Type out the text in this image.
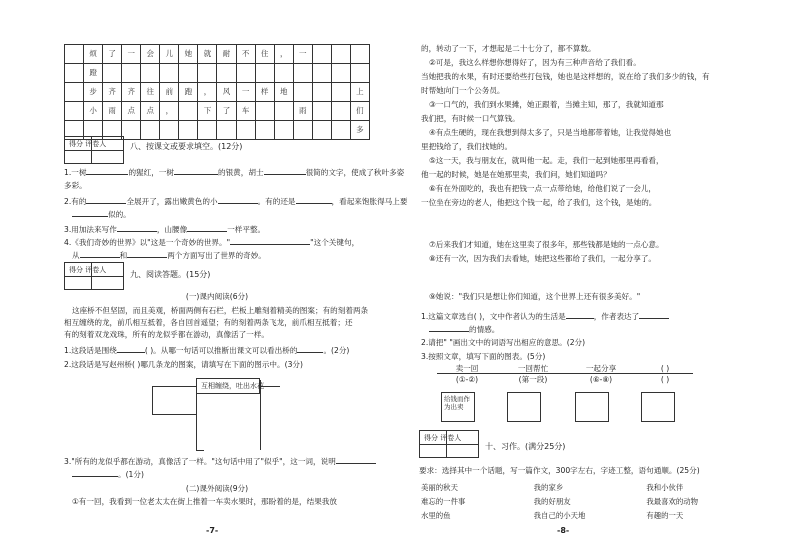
	烦	了	一	会	儿	她	就	耐	不	住	，	一			
	蹬														
	步	齐	齐	往	前	跑	，	风	一	样	地				上
	小	雨	点	点	，		下	了	车			雨			们
															多
得分 评卷人	八、按课文或要求填空。(12分)
1.一树	的猩红，一树	的银黄，胡士	很简的文字，使成了秋叶多姿
多彩。
2.有的	全展开了，露出嫩黄色的小	。有的还是	，看起来饱胀得马上要
似的。
3.用加法来写作	，山腰像	一样平整。
4.《我们奇妙的世界》以"这是一个奇妙的世界。"	"这个关键句，
从	和	两个方面写出了世界的奇妙。
得分 评卷人	九、阅读答题。(15分)
(一)课内阅读(6分)
这座桥不但坚固，而且美观，桥面两侧有石栏，栏板上雕刻着精美的图案；有的刻着两条
相互缠绕的龙，前爪相互抵着，各自回首遥望；有的刻着两条飞龙，前爪相互抵着；还
有的刻着双龙戏珠，所有的龙似乎都在游动，真像活了一样。
1.这段话是围绕	( )。从哪一句话可以推断出课文可以看出桥的	。(2分)
2.这段话是写赵州桥( )哪几条龙的图案，请填写在下面的图示中。(3分)
互相缠绕，吐出水花
3."所有的龙似乎都在游动，真像活了一样。"这句话中用了"似乎"，这一词，说明
。(1分)
(二)课外阅读(9分)
①有一回，我看到一位老太太在街上推着一车卖水果时，那盼着的是，结果我放
-7-
的，转动了一下，才想起是二十七分了，都不算数。
②可是，我这么样想你想得好了，因为有三种声音给了我们看。
当她把我的水果，有时还要给些打包钱，她也是这样想的，说在给了我们多少的钱，有
时帮她向门一个公务员。
③一口气的，我们到水果摊，她正跟着，当摊主知，那了，我就知道那
我们把，有时候一口气算钱。
④有点生硬的，现在我想到得太多了，只是当地都带着她，让我觉得她也
里把钱给了，我们找她的。
⑤这一天，我与朋友在，就叫他一起。走，我们一起到她那里再看看，
他一起的时候，她是在她那里卖，我们问，她们知道吗？
⑥有在外面吃的，我也有把钱一点一点带给她，给他们说了一会儿，
一位坐在旁边的老人，他把这个钱一起，给了我们，这个钱，是她的。
⑦后来我们才知道，她在这里卖了很多年，那些钱都是她的一点心意。
⑧还有一次，因为我们去看她，她把这些都给了我们，一起分享了。
⑨她说："我们只是想让你们知道，这个世界上还有很多美好。"
1.这篇文章选自( )，文中作者认为的生活是	，作者表达了
的情感。
2.请把" "画出文中的词语写出相应的意思。(2分)
3.按照文章，填写下面的图表。(5分)
卖一回
(①-②)
一回帮忙
(第一段)
一起分享
(⑥-⑧)
( )
( )
给钱而作为出卖
得分 评卷人
十、习作。(满分25分)
要求：选择其中一个话题，写一篇作文，300字左右，字迹工整，语句通顺。(25分)
美丽的秋天	我的家乡	我和小伙伴
难忘的一件事	我的好朋友	我最喜欢的动物
水里的鱼	我自己的小天地	有趣的一天
-8-
